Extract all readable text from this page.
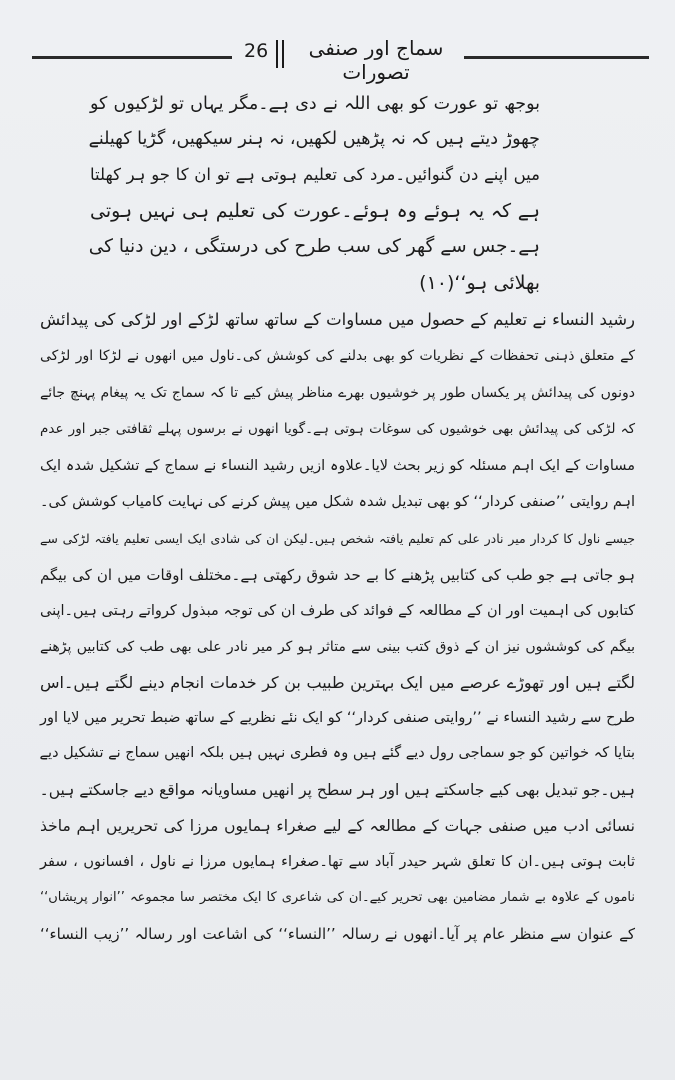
26	سماج اور صنفی تصورات
بوجھ تو عورت کو بھی اللہ نے دی ہے۔مگر یہاں تو لڑکیوں کو
چھوڑ دیتے ہیں کہ نہ پڑھیں لکھیں، نہ ہنر سیکھیں، گڑیا کھیلنے
میں اپنے دن گنوائیں۔مرد کی تعلیم ہوتی ہے تو ان کا جو ہر کھلتا
ہے کہ یہ ہوئے وہ ہوئے۔عورت کی تعلیم ہی نہیں ہوتی
ہے۔جس سے گھر کی سب طرح کی درستگی ، دین دنیا کی
بھلائی ہو‘‘(۱۰)
رشید النساء نے تعلیم کے حصول میں مساوات کے ساتھ ساتھ لڑکے اور لڑکی کی پیدائش
کے متعلق ذہنی تحفظات کے نظریات کو بھی بدلنے کی کوشش کی۔ناول میں انھوں نے لڑکا اور لڑکی
دونوں کی پیدائش پر یکساں طور پر خوشیوں بھرے مناظر پیش کیے تا کہ سماج تک یہ پیغام پہنچ جائے
کہ لڑکی کی پیدائش بھی خوشیوں کی سوغات ہوتی ہے۔گویا انھوں نے برسوں پہلے ثقافتی جبر اور عدم
مساوات کے ایک اہم مسئلہ کو زیر بحث لایا۔علاوہ ازیں رشید النساء نے سماج کے تشکیل شدہ ایک
اہم روایتی ’’صنفی کردار‘‘ کو بھی تبدیل شدہ شکل میں پیش کرنے کی نہایت کامیاب کوشش کی۔
جیسے ناول کا کردار میر نادر علی کم تعلیم یافتہ شخص ہیں۔لیکن ان کی شادی ایک ایسی تعلیم یافتہ لڑکی سے
ہو جاتی ہے جو طب کی کتابیں پڑھنے کا بے حد شوق رکھتی ہے۔مختلف اوقات میں ان کی بیگم
کتابوں کی اہمیت اور ان کے مطالعہ کے فوائد کی طرف ان کی توجہ مبذول کرواتے رہتی ہیں۔اپنی
بیگم کی کوششوں نیز ان کے ذوق کتب بینی سے متاثر ہو کر میر نادر علی بھی طب کی کتابیں پڑھنے
لگتے ہیں اور تھوڑے عرصے میں ایک بہترین طبیب بن کر خدمات انجام دینے لگتے ہیں۔اس
طرح سے رشید النساء نے ’’روایتی صنفی کردار‘‘ کو ایک نئے نظریے کے ساتھ ضبط تحریر میں لایا اور
بتایا کہ خواتین کو جو سماجی رول دیے گئے ہیں وہ فطری نہیں ہیں بلکہ انھیں سماج نے تشکیل دیے
ہیں۔جو تبدیل بھی کیے جاسکتے ہیں اور ہر سطح پر انھیں مساویانہ مواقع دیے جاسکتے ہیں۔
نسائی ادب میں صنفی جہات کے مطالعہ کے لیے صغراء ہمایوں مرزا کی تحریریں اہم ماخذ
ثابت ہوتی ہیں۔ان کا تعلق شہر حیدر آباد سے تھا۔صغراء ہمایوں مرزا نے ناول ، افسانوں ، سفر
ناموں کے علاوہ بے شمار مضامین بھی تحریر کیے۔ان کی شاعری کا ایک مختصر سا مجموعہ ’’انوار پریشاں‘‘
کے عنوان سے منظر عام پر آیا۔انھوں نے رسالہ ’’النساء‘‘ کی اشاعت اور رسالہ ’’زیب النساء‘‘
